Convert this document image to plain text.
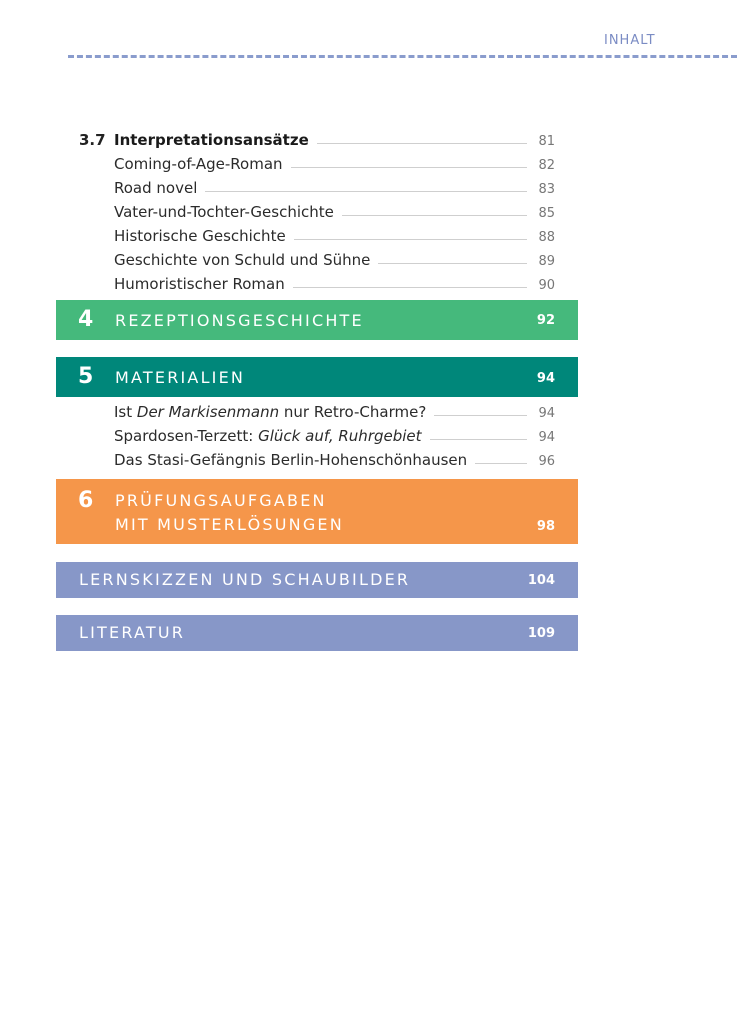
INHALT
3.7 Interpretationsansätze	81
Coming-of-Age-Roman	82
Road novel	83
Vater-und-Tochter-Geschichte	85
Historische Geschichte	88
Geschichte von Schuld und Sühne	89
Humoristischer Roman	90
4 REZEPTIONSGESCHICHTE	92
5 MATERIALIEN	94
Ist Der Markisenmann nur Retro-Charme?	94
Spardosen-Terzett: Glück auf, Ruhrgebiet	94
Das Stasi-Gefängnis Berlin-Hohenschönhausen	96
6 PRÜFUNGSAUFGABEN
MIT MUSTERLÖSUNGEN	98
LERNSKIZZEN UND SCHAUBILDER	104
LITERATUR	109
